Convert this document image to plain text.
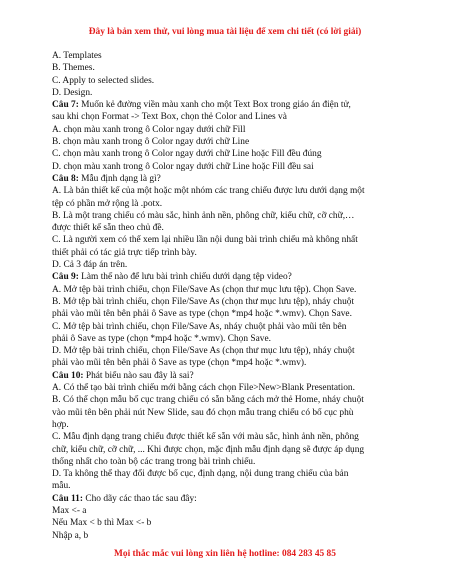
Đây là bản xem thử, vui lòng mua tài liệu để xem chi tiết (có lời giải)
A. Templates
B. Themes.
C. Apply to selected slides.
D. Design.
Câu 7: Muốn kẻ đường viền màu xanh cho một Text Box trong giáo án điện tử,
sau khi chọn Format -> Text Box, chọn thẻ Color and Lines và
A. chọn màu xanh trong ô Color ngay dưới chữ Fill
B. chọn màu xanh trong ô Color ngay dưới chữ Line
C. chọn màu xanh trong ô Color ngay dưới chữ Line hoặc Fill đều đúng
D. chọn màu xanh trong ô Color ngay dưới chữ Line hoặc Fill đều sai
Câu 8: Mẫu định dạng là gì?
A. Là bản thiết kế của một hoặc một nhóm các trang chiếu được lưu dưới dạng một
tệp có phần mở rộng là .potx.
B. Là một trang chiếu có màu sắc, hình ảnh nền, phông chữ, kiểu chữ, cỡ chữ,…
được thiết kế sẵn theo chủ đề.
C. Là người xem có thể xem lại nhiều lần nội dung bài trình chiếu mà không nhất
thiết phải có tác giả trực tiếp trình bày.
D. Cả 3 đáp án trên.
Câu 9: Làm thế nào để lưu bài trình chiếu dưới dạng tệp video?
A. Mở tệp bài trình chiếu, chọn File/Save As (chọn thư mục lưu tệp). Chọn Save.
B. Mở tệp bài trình chiếu, chọn File/Save As (chọn thư mục lưu tệp), nháy chuột
phải vào mũi tên bên phải ô Save as type (chọn *mp4 hoặc *.wmv). Chọn Save.
C. Mở tệp bài trình chiếu, chọn File/Save As, nháy chuột phải vào mũi tên bên
phải ô Save as type (chọn *mp4 hoặc *.wmv). Chọn Save.
D. Mở tệp bài trình chiếu, chọn File/Save As (chọn thư mục lưu tệp), nháy chuột
phải vào mũi tên bên phải ô Save as type (chọn *mp4 hoặc *.wmv).
Câu 10: Phát biểu nào sau đây là sai?
A. Có thể tạo bài trình chiếu mới bằng cách chọn File>New>Blank Presentation.
B. Có thể chọn mẫu bố cục trang chiếu có sẵn bằng cách mở thẻ Home, nháy chuột
vào mũi tên bên phải nút New Slide, sau đó chọn mẫu trang chiếu có bố cục phù
hợp.
C. Mẫu định dạng trang chiếu được thiết kế sẵn với màu sắc, hình ảnh nền, phông
chữ, kiểu chữ, cỡ chữ, ... Khi được chọn, mặc định mẫu định dạng sẽ được áp dụng
thống nhất cho toàn bộ các trang trong bài trình chiếu.
D. Ta không thể thay đổi được bố cục, định dạng, nội dung trang chiếu của bản
mẫu.
Câu 11: Cho dãy các thao tác sau đây:
Max <- a
Nếu Max < b thì Max <- b
Nhập a, b
Mọi thắc mắc vui lòng xin liên hệ hotline: 084 283 45 85
